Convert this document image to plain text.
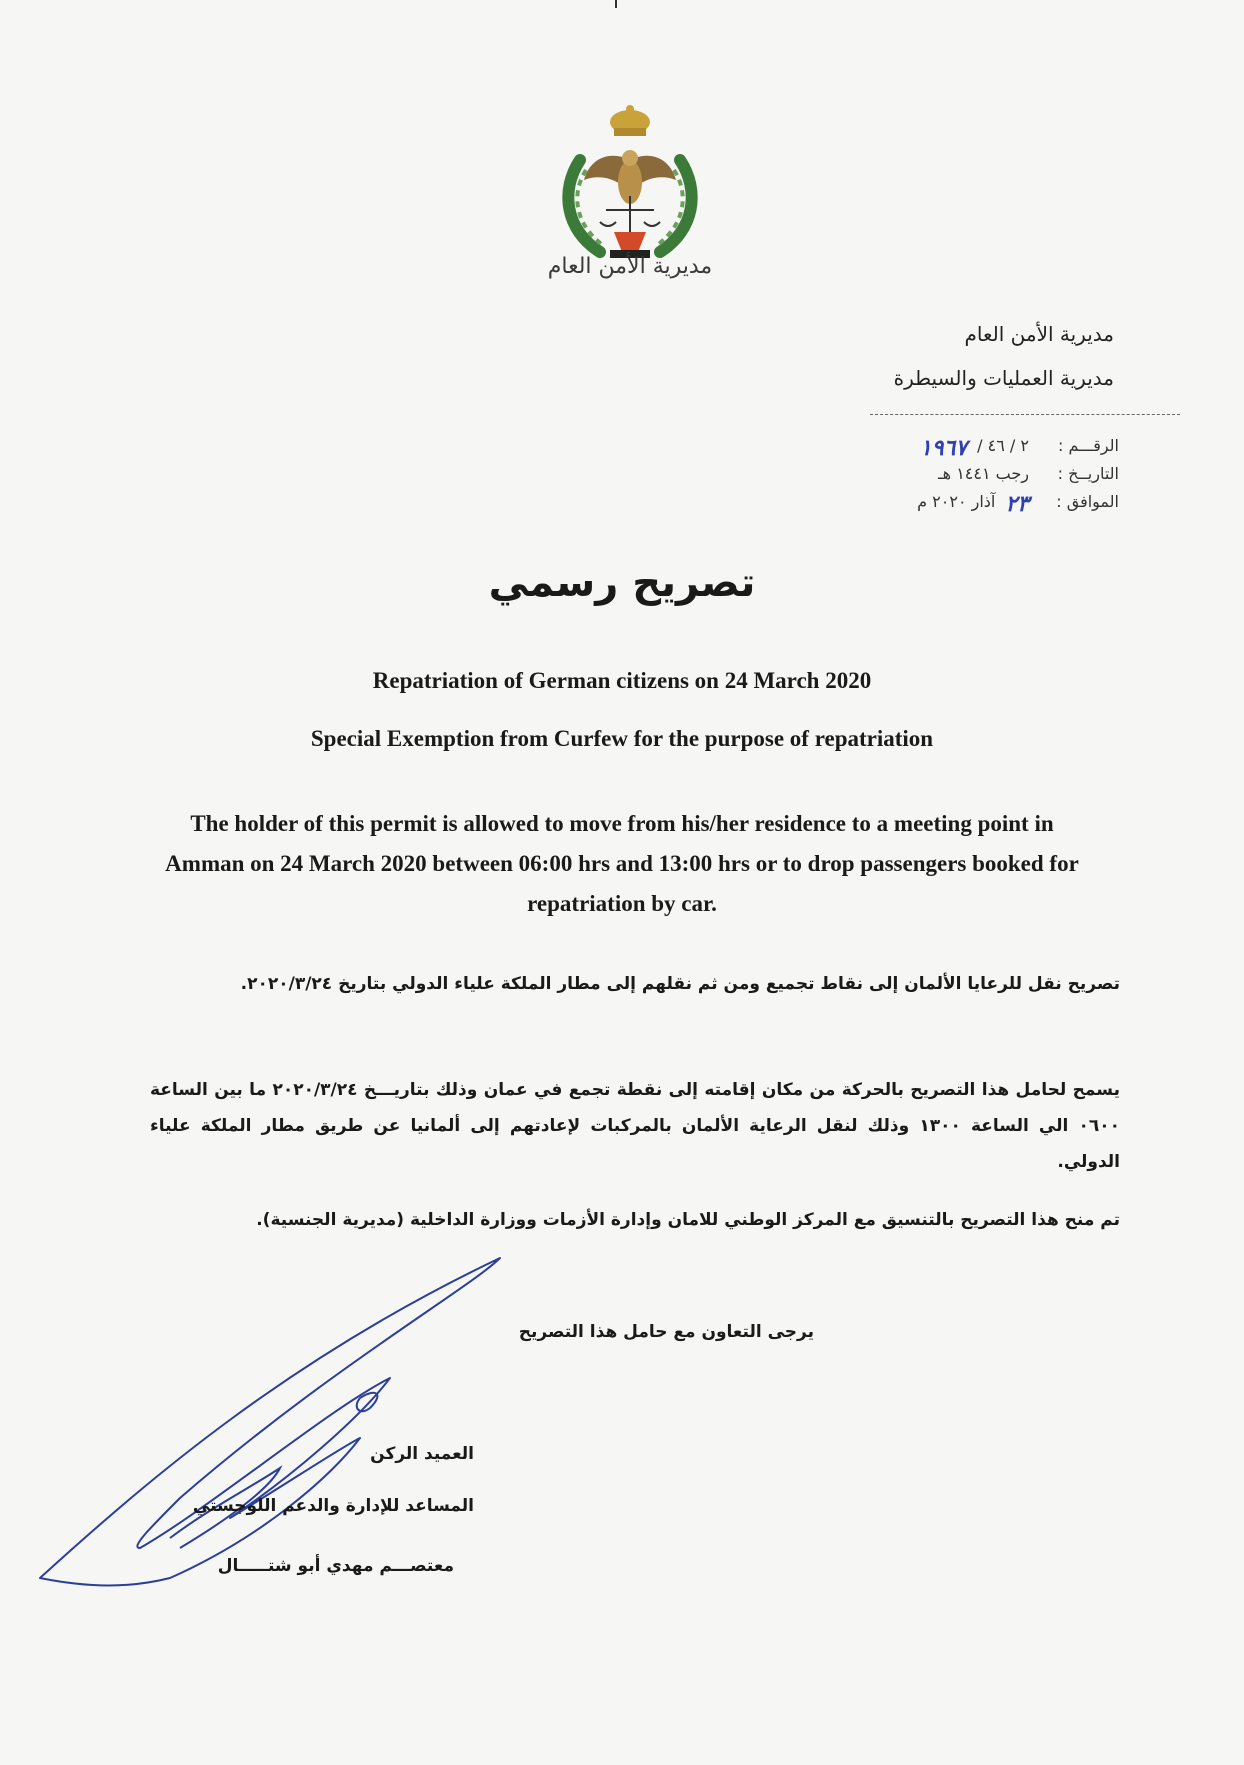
مديرية الأمن العام
مديرية الأمن العام
مديرية العمليات والسيطرة
الرقـــم :
٢ / ٤٦ /
١٩٦٧
التاريــخ :
رجب ١٤٤١ هـ
الموافق :
٢٣
آذار ٢٠٢٠ م
تصريح رسمي
Repatriation of German citizens on 24 March 2020
Special Exemption from Curfew for the purpose of repatriation
The holder of this permit is allowed to move from his/her residence to a meeting point in Amman on 24 March 2020 between 06:00 hrs and 13:00 hrs or to drop passengers booked for repatriation by car.
تصريح نقل للرعايا الألمان إلى نقاط تجميع ومن ثم نقلهم إلى مطار الملكة علياء الدولي بتاريخ ٢٠٢٠/٣/٢٤.
يسمح لحامل هذا التصريح بالحركة من مكان إقامته إلى نقطة تجمع في عمان وذلك بتاريـــخ ٢٠٢٠/٣/٢٤ ما بين الساعة ٠٦٠٠ الي الساعة ١٣٠٠ وذلك لنقل الرعاية الألمان بالمركبات لإعادتهم إلى ألمانيا عن طريق مطار الملكة علياء الدولي.
تم منح هذا التصريح بالتنسيق مع المركز الوطني للامان وإدارة الأزمات ووزارة الداخلية (مديرية الجنسية).
يرجى التعاون مع حامل هذا التصريح
العميد الركن
المساعد للإدارة والدعم اللوجستي
معتصـــم مهدي أبو شتـــــال
